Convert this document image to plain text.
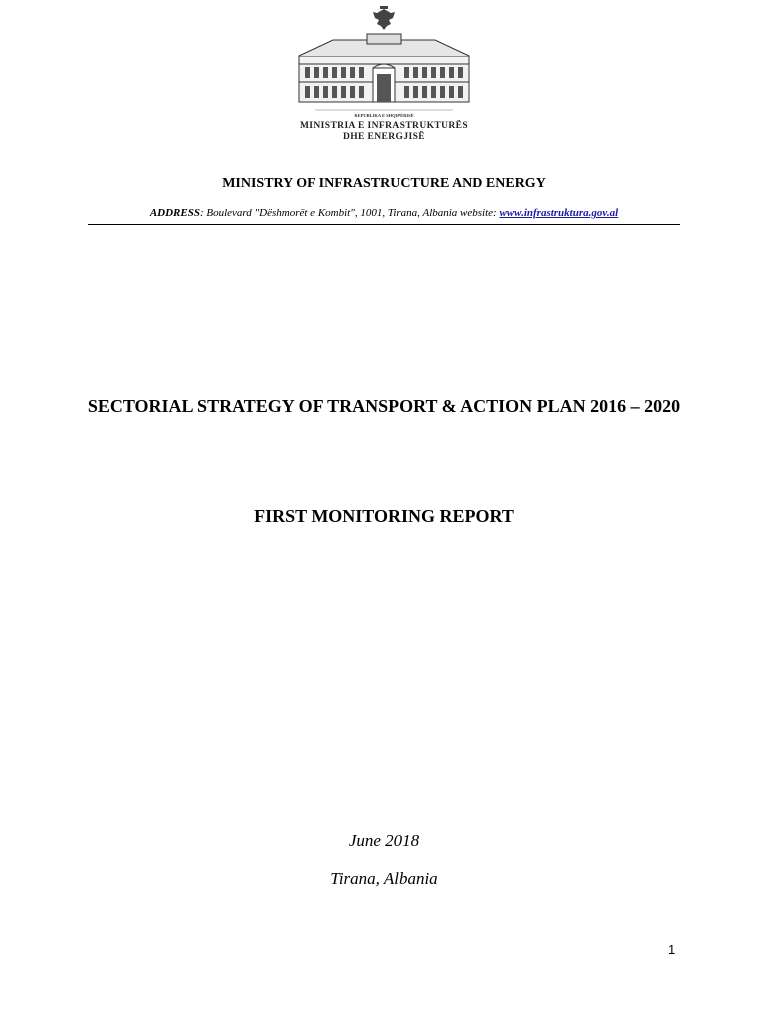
REPUBLIKA E SHQIPËRISË
MINISTRIA E INFRASTRUKTURËS
DHE ENERGJISË
MINISTRY OF INFRASTRUCTURE AND ENERGY
ADDRESS: Boulevard "Dëshmorët e Kombit", 1001, Tirana, Albania website: www.infrastruktura.gov.al
SECTORIAL STRATEGY OF TRANSPORT & ACTION PLAN 2016 – 2020
FIRST MONITORING REPORT
June 2018
Tirana, Albania
1
